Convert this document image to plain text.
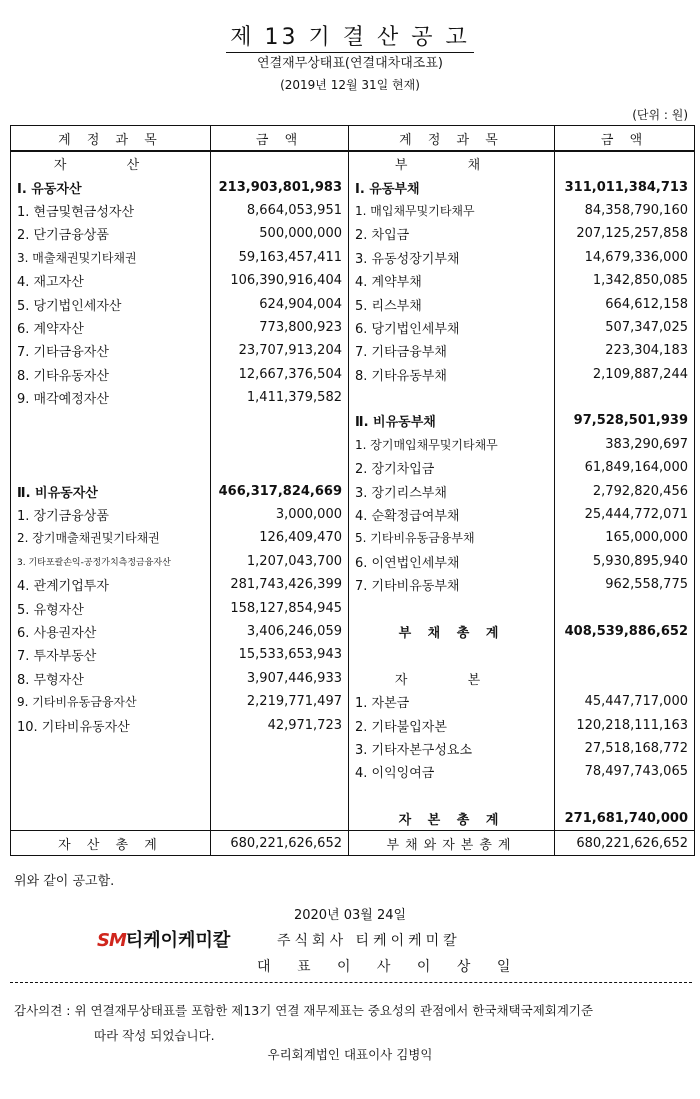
제 13 기 결 산 공 고
연결재무상태표(연결대차대조표)
(2019년 12월 31일 현재)
(단위 : 원)
계 정 과 목	금 액	계 정 과 목	금 액
자 산		부 채	
Ⅰ. 유동자산	213,903,801,983	Ⅰ. 유동부채	311,011,384,713
1. 현금및현금성자산	8,664,053,951	1. 매입채무및기타채무	84,358,790,160
2. 단기금융상품	500,000,000	2. 차입금	207,125,257,858
3. 매출채권및기타채권	59,163,457,411	3. 유동성장기부채	14,679,336,000
4. 재고자산	106,390,916,404	4. 계약부채	1,342,850,085
5. 당기법인세자산	624,904,004	5. 리스부채	664,612,158
6. 계약자산	773,800,923	6. 당기법인세부채	507,347,025
7. 기타금융자산	23,707,913,204	7. 기타금융부채	223,304,183
8. 기타유동자산	12,667,376,504	8. 기타유동부채	2,109,887,244
9. 매각예정자산	1,411,379,582		
		Ⅱ. 비유동부채	97,528,501,939
		1. 장기매입채무및기타채무	383,290,697
		2. 장기차입금	61,849,164,000
Ⅱ. 비유동자산	466,317,824,669	3. 장기리스부채	2,792,820,456
1. 장기금융상품	3,000,000	4. 순확정급여부채	25,444,772,071
2. 장기매출채권및기타채권	126,409,470	5. 기타비유동금융부채	165,000,000
3. 기타포괄손익-공정가치측정금융자산	1,207,043,700	6. 이연법인세부채	5,930,895,940
4. 관계기업투자	281,743,426,399	7. 기타비유동부채	962,558,775
5. 유형자산	158,127,854,945		
6. 사용권자산	3,406,246,059	부 채 총 계	408,539,886,652
7. 투자부동산	15,533,653,943		
8. 무형자산	3,907,446,933	자 본	
9. 기타비유동금융자산	2,219,771,497	1. 자본금	45,447,717,000
10. 기타비유동자산	42,971,723	2. 기타불입자본	120,218,111,163
		3. 기타자본구성요소	27,518,168,772
		4. 이익잉여금	78,497,743,065

		자 본 총 계	271,681,740,000
자 산 총 계	680,221,626,652	부채와자본총계	680,221,626,652
위와 같이 공고함.
2020년 03월 24일
SM티케이케미칼	주식회사 티케이케미칼
대 표 이 사 이 상 일
감사의견 : 위 연결재무상태표를 포함한 제13기 연결 재무제표는 중요성의 관점에서 한국채택국제회계기준
따라 작성 되었습니다.
우리회계법인 대표이사 김병익
